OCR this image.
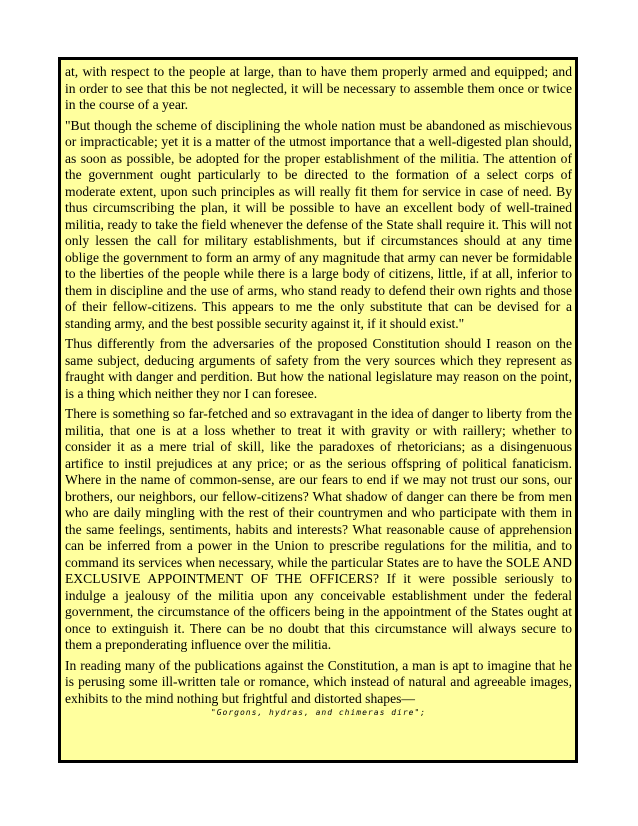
at, with respect to the people at large, than to have them properly armed and equipped; and in order to see that this be not neglected, it will be necessary to assemble them once or twice in the course of a year.

"But though the scheme of disciplining the whole nation must be abandoned as mischievous or impracticable; yet it is a matter of the utmost importance that a well-digested plan should, as soon as possible, be adopted for the proper establishment of the militia. The attention of the government ought particularly to be directed to the formation of a select corps of moderate extent, upon such principles as will really fit them for service in case of need. By thus circumscribing the plan, it will be possible to have an excellent body of well-trained militia, ready to take the field whenever the defense of the State shall require it. This will not only lessen the call for military establishments, but if circumstances should at any time oblige the government to form an army of any magnitude that army can never be formidable to the liberties of the people while there is a large body of citizens, little, if at all, inferior to them in discipline and the use of arms, who stand ready to defend their own rights and those of their fellow-citizens. This appears to me the only substitute that can be devised for a standing army, and the best possible security against it, if it should exist."

Thus differently from the adversaries of the proposed Constitution should I reason on the same subject, deducing arguments of safety from the very sources which they represent as fraught with danger and perdition. But how the national legislature may reason on the point, is a thing which neither they nor I can foresee.

There is something so far-fetched and so extravagant in the idea of danger to liberty from the militia, that one is at a loss whether to treat it with gravity or with raillery; whether to consider it as a mere trial of skill, like the paradoxes of rhetoricians; as a disingenuous artifice to instil prejudices at any price; or as the serious offspring of political fanaticism. Where in the name of common-sense, are our fears to end if we may not trust our sons, our brothers, our neighbors, our fellow-citizens? What shadow of danger can there be from men who are daily mingling with the rest of their countrymen and who participate with them in the same feelings, sentiments, habits and interests? What reasonable cause of apprehension can be inferred from a power in the Union to prescribe regulations for the militia, and to command its services when necessary, while the particular States are to have the SOLE AND EXCLUSIVE APPOINTMENT OF THE OFFICERS? If it were possible seriously to indulge a jealousy of the militia upon any conceivable establishment under the federal government, the circumstance of the officers being in the appointment of the States ought at once to extinguish it. There can be no doubt that this circumstance will always secure to them a preponderating influence over the militia.

In reading many of the publications against the Constitution, a man is apt to imagine that he is perusing some ill-written tale or romance, which instead of natural and agreeable images, exhibits to the mind nothing but frightful and distorted shapes—

"Gorgons, hydras, and chimeras dire";
